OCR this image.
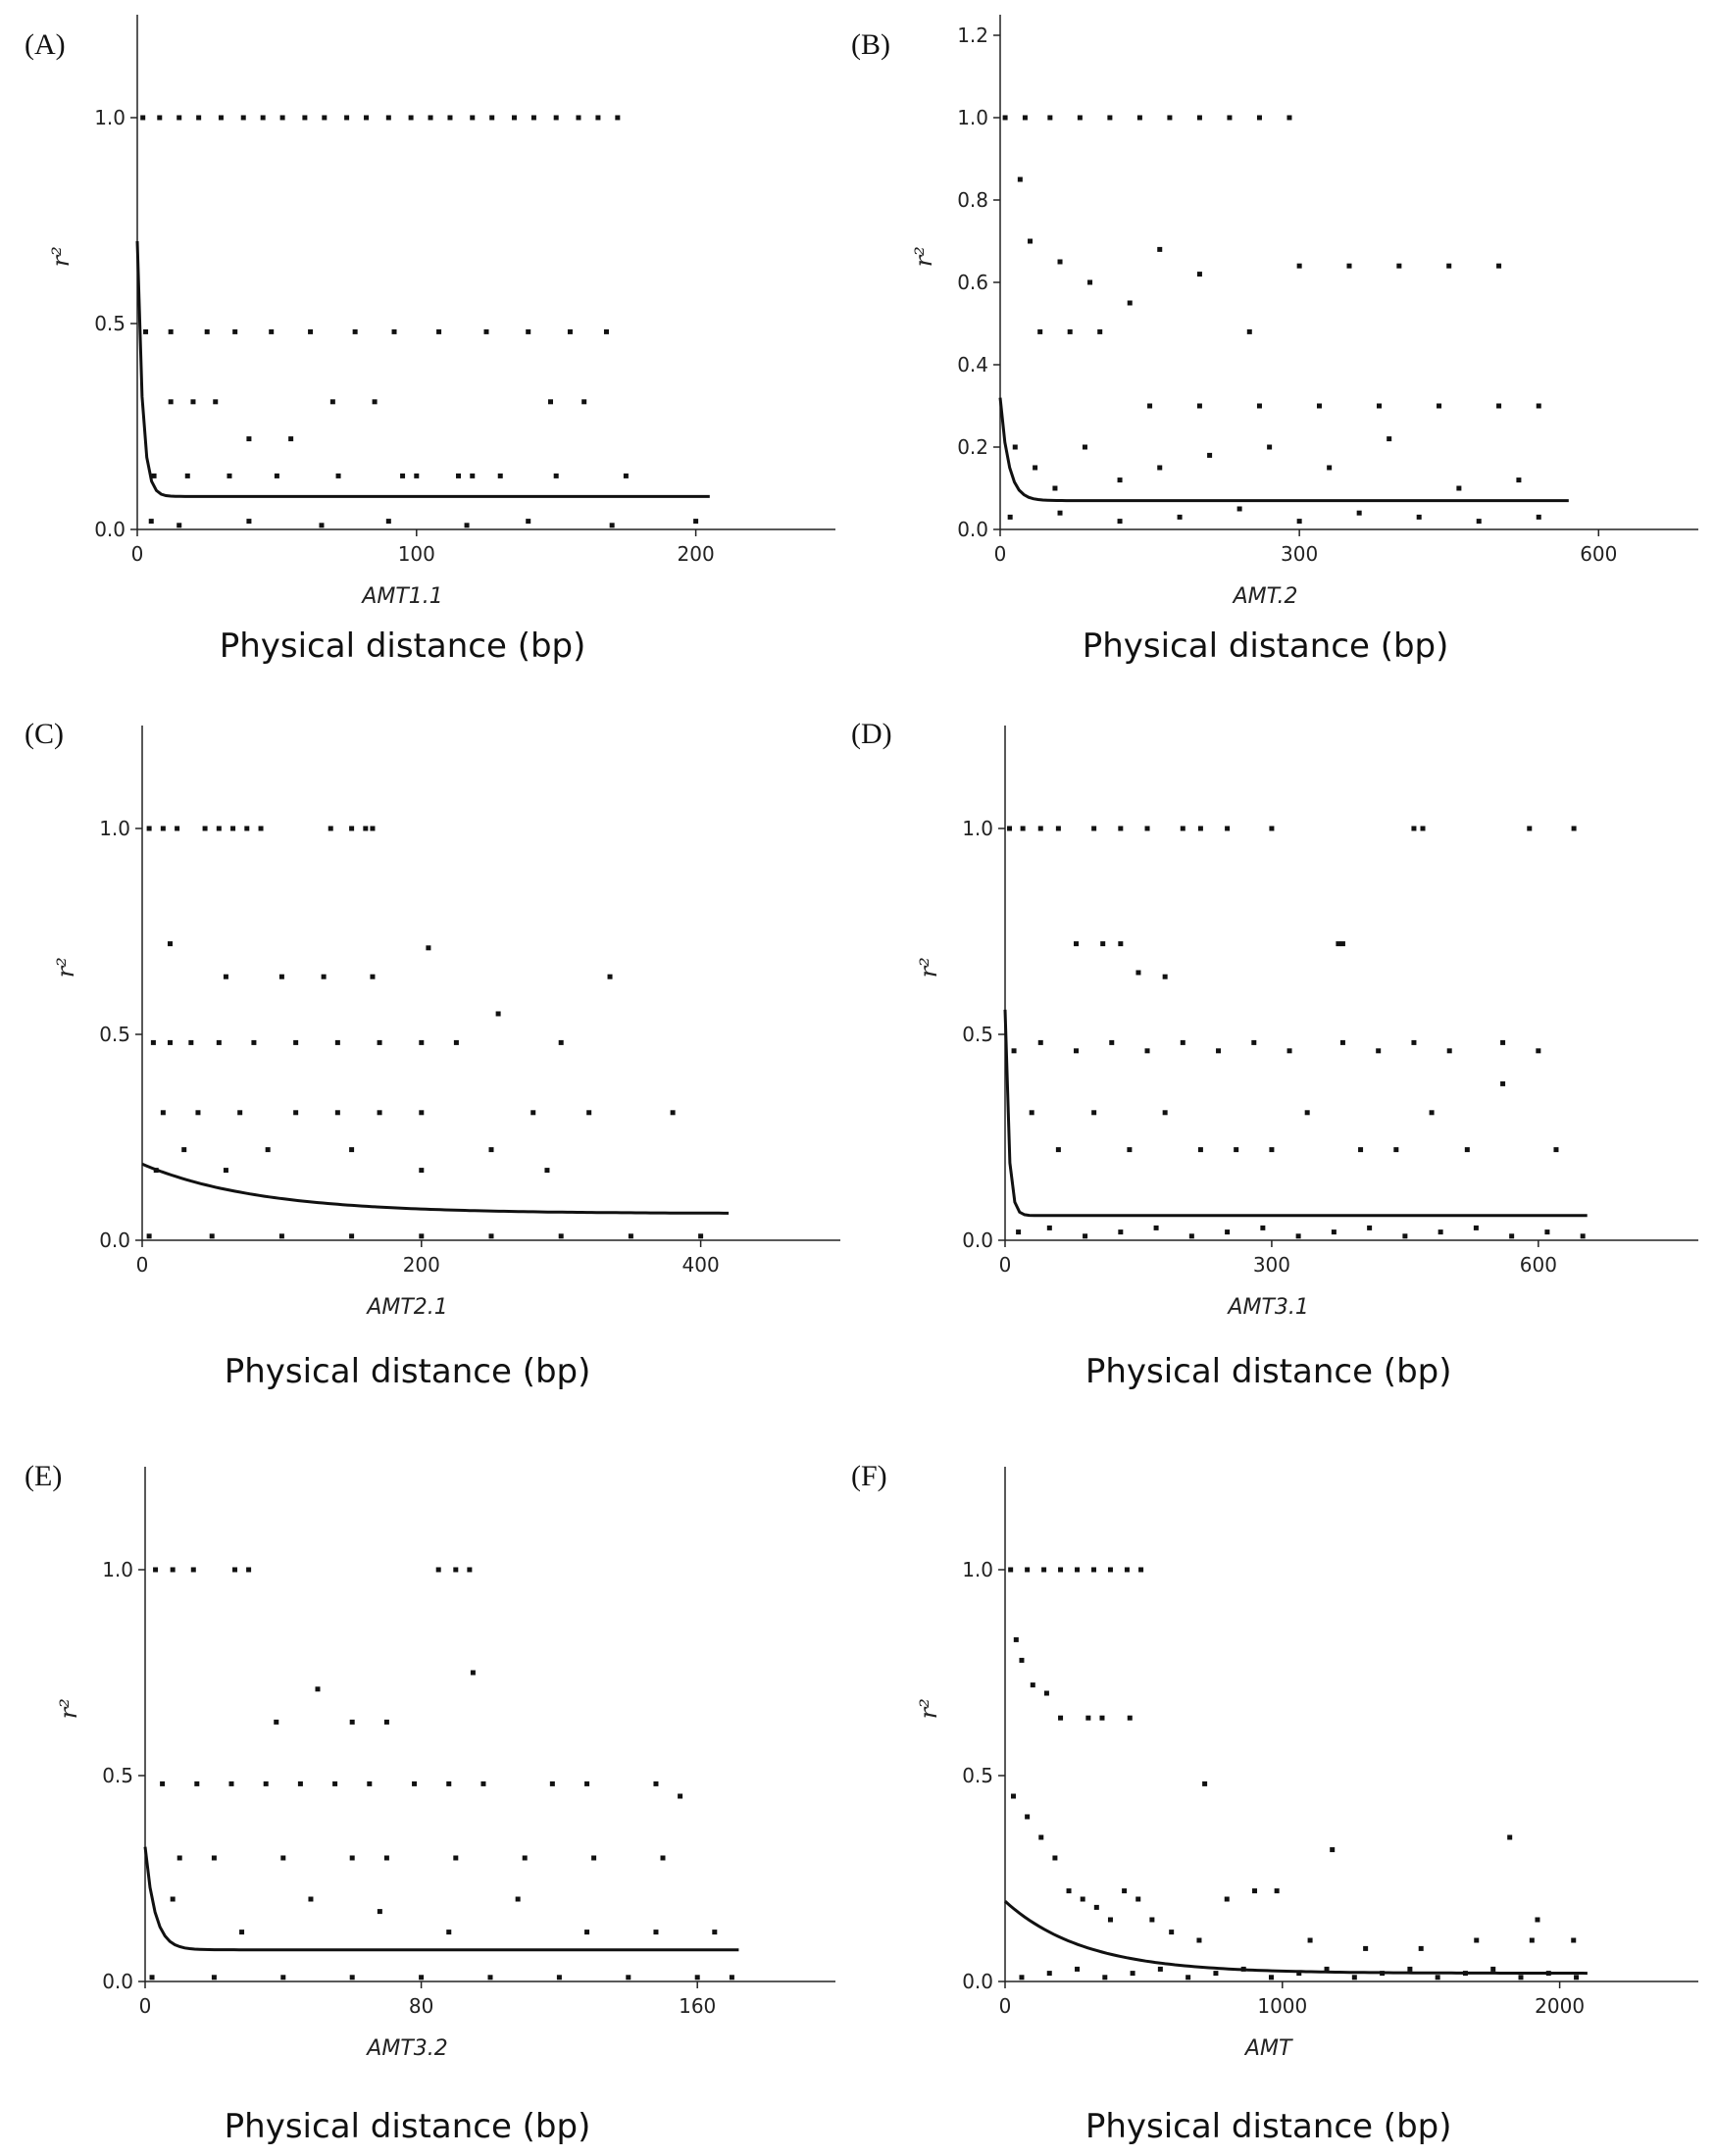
(A)
0.0
0.5
1.0
0	100	200
r²
AMT1.1
Physical distance (bp)
(B)
0.0
0.2
0.4
0.6
0.8
1.0
1.2
0	300	600
r²
AMT.2
Physical distance (bp)
(C)
0.0
0.5
1.0
0	200	400
r²
AMT2.1
Physical distance (bp)
(D)
0.0
0.5
1.0
0	300	600
r²
AMT3.1
Physical distance (bp)
(E)
0.0
0.5
1.0
0	80	160
r²
AMT3.2
Physical distance (bp)
(F)
0.0
0.5
1.0
0	1000	2000
r²
AMT
Physical distance (bp)
